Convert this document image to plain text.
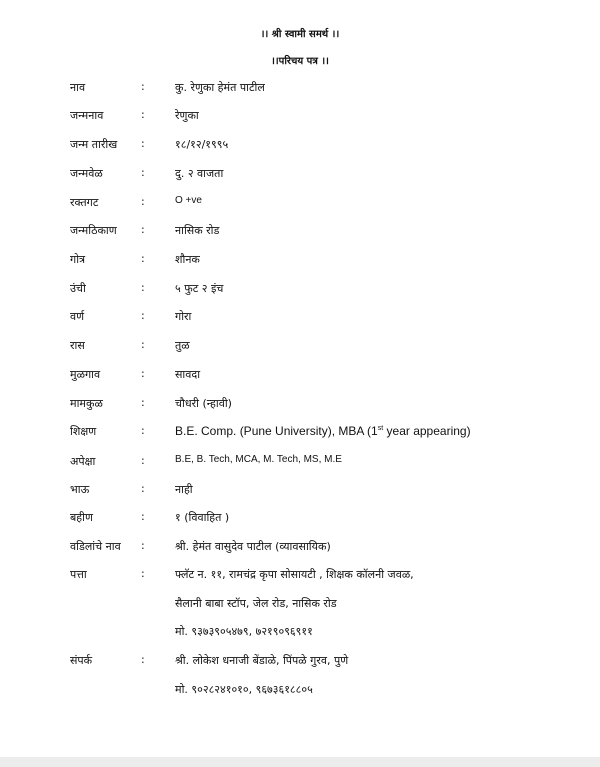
।। श्री स्वामी समर्थ ।।
।।परिचय पत्र ।।
नाव	:	कु. रेणुका हेमंत पाटील
जन्मनाव	:	रेणुका
जन्म तारीख :	१८/१२/१९९५
जन्मवेळ	:	दु. २ वाजता
रक्तगट	:	O +ve
जन्मठिकाण :	नासिक रोड
गोत्र	:	शौनक
उंची	:	५ फुट २ इंच
वर्ण	:	गोरा
रास	:	तुळ
मुळगाव	:	सावदा
मामकुळ	:	चौधरी (न्हावी)
शिक्षण	:	B.E. Comp. (Pune University), MBA (1st year appearing)
अपेक्षा	:	B.E, B. Tech, MCA, M. Tech, MS, M.E
भाऊ	:	नाही
बहीण	:	१ (विवाहित )
वडिलांचे नाव :	श्री. हेमंत वासुदेव पाटील (व्यावसायिक)
पत्ता	:	फ्लॅट न. ११, रामचंद्र कृपा सोसायटी , शिक्षक कॉलनी जवळ,
सैलानी बाबा स्टॉप, जेल रोड, नासिक रोड
मो. ९३७३९०५४७९, ७२१९०९६९११
संपर्क	:	श्री. लोकेश धनाजी बेंडाळे, पिंपळे गुरव, पुणे
मो. ९०२८२४१०१०, ९६७३६१८८०५
